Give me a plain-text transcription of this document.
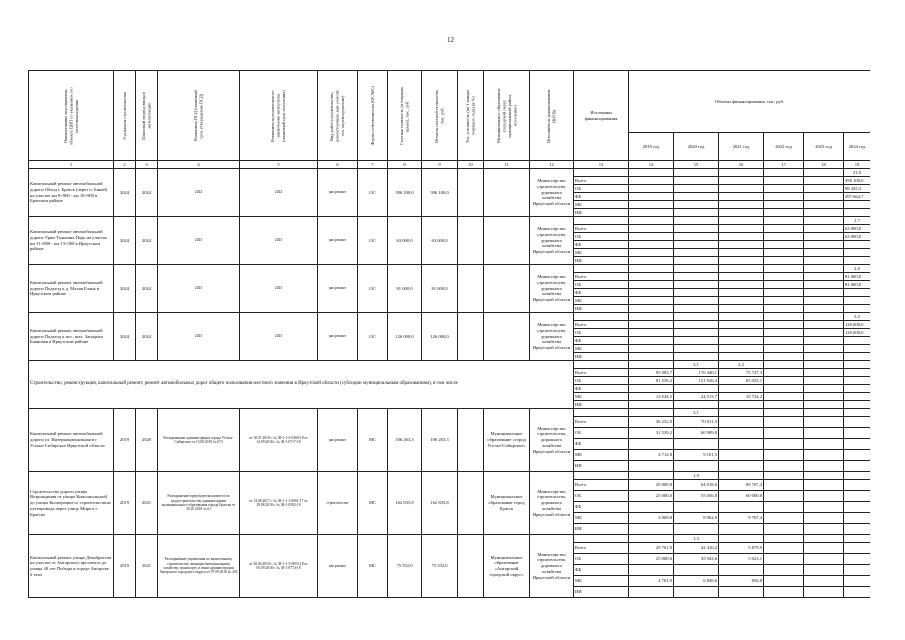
12
Наименование мероприятия, объекта ЦИП со указанием его местонахождения	Год начала строительства	Плановый период ввода в эксплуатацию	Реквизиты ПСД (плановый срок утверждения ПСД)	Реквизиты положительного заключения экспертизы (плановый срок получения)	Вид работ (строительство, реконструкция, кап. ремонт, тех. перевооружение)	Форма собственности (ОС/МС)	Сметная стоимость (в текущих ценах), тыс. руб.	Остаток сметной стоимости, тыс. руб.	Тех. готовность (на 1 января текущего года) (в %)	Муниципальное образование (городской округ, муниципальный район, поселение)	Исполнитель (наименование ИОГВ)	Источники финансирования	Объемы финансирования, тыс. руб.					
													2019 год	2020 год	2021 год	2022 год	2023 год	2024 год
1	2	3	4	5	6	7	8	9	10	11	12	13	14	15	16	17	18	19
Капитальный ремонт автомобильной дороги Обход г. Братск (через п. Бикей) на участке км 9+900 - км 10+900 в Братском районе	2024	2024	2022	2022	кап.ремонт	ОС	396 100,0	396 100,0			Министерство строительства, дорожного хозяйства Иркутской области							31,9
												Всего						396 100,0
												ОБ						98 435,3
												ФБ						297 664,7
												МБ						
												ИИ						
Капитальный ремонт автомобильной дороги Урик-Талькина Падь на участке км 11+800 - км 13+500 в Иркутском районе	2024	2024	2023	2023	кап.ремонт	ОС	63 000,0	63 000,0			Министерство строительства, дорожного хозяйства Иркутской области							1,7
												Всего						63 000,0
												ОБ						63 000,0
												ФБ						
												МБ						
												ИИ						
Капитальный ремонт автомобильной дороги Подъезд к д. Малая Елань в Иркутском районе	2024	2024	2023	2023	кап.ремонт	ОС	81 000,0	81 000,0			Министерство строительства, дорожного хозяйства Иркутской области							2,0
												Всего						81 000,0
												ОБ						81 000,0
												ФБ						
												МБ						
												ИИ						
Капитальный ремонт автомобильной дороги Подъезд к пос. шах. Западная Баяновая в Иркутском районе	2024	2024	2023	2023	кап.ремонт	ОС	126 000,0	126 000,0			Министерство строительства, дорожного хозяйства Иркутской области							3,3
												Всего						126 000,0
												ОБ						126 000,0
												ФБ						
												МБ						
												ИИ						
Строительство, реконструкция, капитальный ремонт, ремонт автомобильных дорог общего пользования местного значения в Иркутской области (субсидии муниципальным образованиям), в том числе														3,1	2,2			
												Всего	95 083,7	176 440,1	75 747,3			
												ОБ	81 539,2	151 926,4	65 025,1			
												ФБ						
												МБ	13 544,5	24 513,7	10 724,2			
												ИИ						
Капитальный ремонт автомобильной дороги ул. Интернациональная в г. Усолье-Сибирское Иркутской области	2019	2020	Распоряжение администрации города Усолье-Сибирское от 13.08.2018 № 673	от 18.07.2018 г. № 38-1-1-3-0368-18 от 14.09.2018 г. № 38-1-0717-18	кап.ремонт	МС	106 263,3	106 263,3		Муниципальное образование «город Усолье-Сибирское»	Министерство строительства, дорожного хозяйства Иркутской области			3,1				
												Всего	36 252,0	70 011,3				
												ОБ	31 539,2	60 909,8				
												ФБ						
												МБ	4 712,8	9 101,5				
												ИИ						
Строительство дороги улицы Возрождения от улицы Комсомольской до улицы Кооперации со строительством путепровода через улицу Мира в г. Братске	2019	2021	Распоряжение председателя комитета по градостроительству администрации муниципального образования города Братска от 30.10.2018 № 61	от 14.08.2017 г. № 38-1-1-3-0061-17 от 29.08.2018 г. № 38-1-0592-18	строительство	МС	162 835,8	162 835,8		Муниципальное образование город Братск	Министерство строительства, дорожного хозяйства Иркутской области			1,9				
												Всего	29 069,8	64 018,6	69 767,4			
												ОБ	25 000,0	55 056,0	60 000,0			
												ФБ						
												МБ	4 069,8	8 962,6	9 767,4			
												ИИ						
Капитальный ремонт улицы Декабристов на участке от Ангарского проспекта до улицы 40 лет Победы в городе Ангарске 2 этап	2019	2021	Распоряжение управления по капитальному строительству, жилищно-коммунальному хозяйству, транспорту и связи администрации Ангарского городского округа от 07.09.2018 № 202	от 20.06.2018 г. № 38-1-1-3-0053-18 от 05.09.2018 г. № 38-1-0774-18	кап.ремонт	МС	75 552,0	75 552,0		Муниципальное образование «Ангарский городской округ»	Министерство строительства, дорожного хозяйства Иркутской области			1,3				
												Всего	29 761,9	42 410,2	5 879,9			
												ОБ	25 000,0	35 943,6	5 023,1			
												ФБ						
												МБ	4 761,9	6 849,6	856,8			
												ИИ						
